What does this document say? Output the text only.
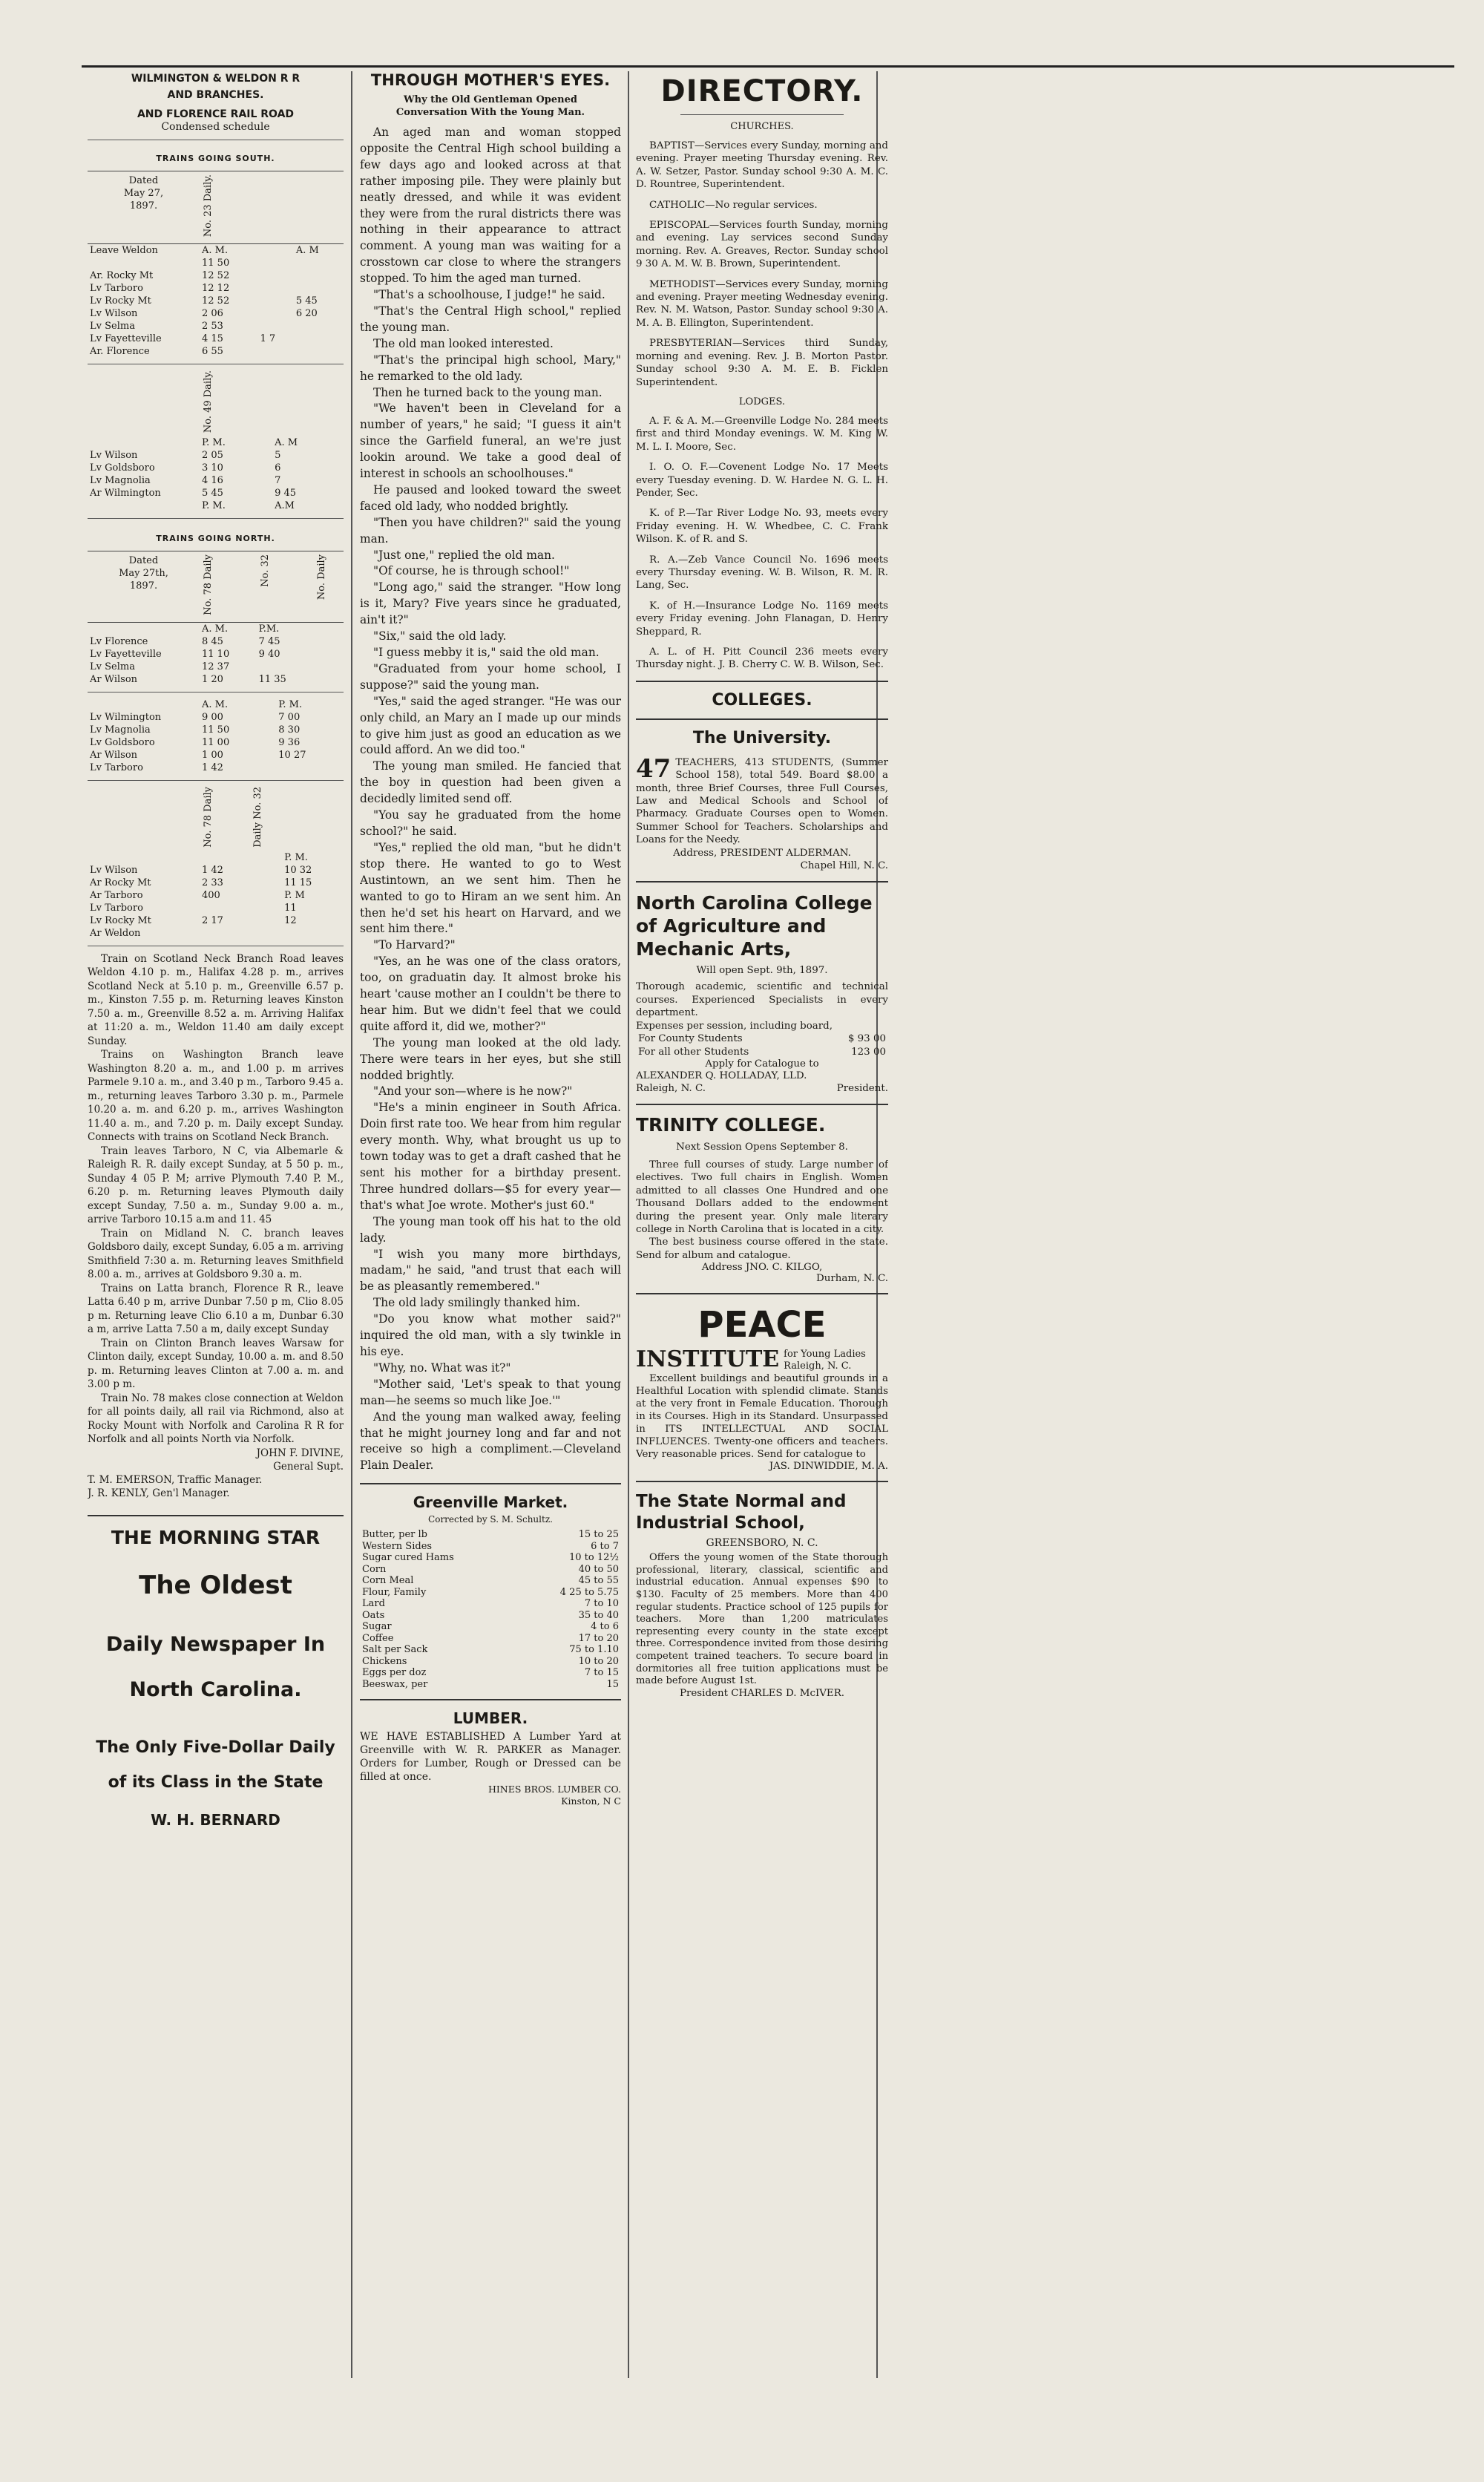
WILMINGTON & WELDON R R
AND BRANCHES.
AND FLORENCE RAIL ROAD
Condensed schedule
TRAINS GOING SOUTH.
Dated
May 27,
1897.	No. 23 Daily.		
Leave Weldon	A. M.		A. M
	11 50		
Ar. Rocky Mt	12 52		
Lv Tarboro	12 12		
Lv Rocky Mt	12 52		5 45
Lv Wilson	2 06		6 20
Lv Selma	2 53		
Lv Fayetteville	4 15	1 7	
Ar. Florence	6 55		
	No. 49 Daily.	
	P. M.	A. M
Lv Wilson	2 05	5
Lv Goldsboro	3 10	6
Lv Magnolia	4 16	7
Ar Wilmington	5 45	9 45
	P. M.	A.M
TRAINS GOING NORTH.
Dated
May 27th,
1897.	No. 78 Daily	No. 32	No. Daily
	A. M.	P.M.	
Lv Florence	8 45	7 45	
Lv Fayetteville	11 10	9 40	
Lv Selma	12 37		
Ar Wilson	1 20	11 35	
	A. M.		P. M.
Lv Wilmington	9 00		7 00
Lv Magnolia	11 50		8 30
Lv Goldsboro	11 00		9 36
Ar Wilson	1 00		10 27
Lv Tarboro	1 42		
	No. 78 Daily	Daily No. 32	
			P. M.
Lv Wilson	1 42		10 32
Ar Rocky Mt	2 33		11 15

Ar Tarboro	400		P. M
Lv Tarboro			11
Lv Rocky Mt	2 17		12
Ar Weldon			

Train on Scotland Neck Branch Road leaves Weldon 4.10 p. m., Halifax 4.28 p. m., arrives Scotland Neck at 5.10 p. m., Greenville 6.57 p. m., Kinston 7.55 p. m. Returning leaves Kinston 7.50 a. m., Greenville 8.52 a. m. Arriving Halifax at 11:20 a. m., Weldon 11.40 am daily except Sunday.

Trains on Washington Branch leave Washington 8.20 a. m., and 1.00 p. m arrives Parmele 9.10 a. m., and 3.40 p m., Tarboro 9.45 a. m., returning leaves Tarboro 3.30 p. m., Parmele 10.20 a. m. and 6.20 p. m., arrives Washington 11.40 a. m., and 7.20 p. m. Daily except Sunday. Connects with trains on Scotland Neck Branch.

Train leaves Tarboro, N C, via Albemarle & Raleigh R. R. daily except Sunday, at 5 50 p. m., Sunday 4 05 P. M; arrive Plymouth 7.40 P. M., 6.20 p. m. Returning leaves Plymouth daily except Sunday, 7.50 a. m., Sunday 9.00 a. m., arrive Tarboro 10.15 a.m and 11. 45

Train on Midland N. C. branch leaves Goldsboro daily, except Sunday, 6.05 a m. arriving Smithfield 7:30 a. m. Returning leaves Smithfield 8.00 a. m., arrives at Goldsboro 9.30 a. m.

Trains on Latta branch, Florence R R., leave Latta 6.40 p m, arrive Dunbar 7.50 p m, Clio 8.05 p m. Returning leave Clio 6.10 a m, Dunbar 6.30 a m, arrive Latta 7.50 a m, daily except Sunday

Train on Clinton Branch leaves Warsaw for Clinton daily, except Sunday, 10.00 a. m. and 8.50 p. m. Returning leaves Clinton at 7.00 a. m. and 3.00 p m.

Train No. 78 makes close connection at Weldon for all points daily, all rail via Richmond, also at Rocky Mount with Norfolk and Carolina R R for Norfolk and all points North via Norfolk.

JOHN F. DIVINE,
General Supt.
T. M. EMERSON, Traffic Manager.
J. R. KENLY, Gen'l Manager.
THE MORNING STAR
The Oldest
Daily Newspaper In
North Carolina.
The Only Five-Dollar Daily
of its Class in the State
W. H. BERNARD
THROUGH MOTHER'S EYES.
Why the Old Gentleman Opened Conversation With the Young Man.

An aged man and woman stopped opposite the Central High school building a few days ago and looked across at that rather imposing pile. They were plainly but neatly dressed, and while it was evident they were from the rural districts there was nothing in their appearance to attract comment. A young man was waiting for a crosstown car close to where the strangers stopped. To him the aged man turned.

"That's a schoolhouse, I judge!" he said.

"That's the Central High school," replied the young man.

The old man looked interested.

"That's the principal high school, Mary," he remarked to the old lady.

Then he turned back to the young man.

"We haven't been in Cleveland for a number of years," he said; "I guess it ain't since the Garfield funeral, an we're just lookin around. We take a good deal of interest in schools an schoolhouses."

He paused and looked toward the sweet faced old lady, who nodded brightly.

"Then you have children?" said the young man.

"Just one," replied the old man.

"Of course, he is through school!"

"Long ago," said the stranger. "How long is it, Mary? Five years since he graduated, ain't it?"

"Six," said the old lady.

"I guess mebby it is," said the old man.

"Graduated from your home school, I suppose?" said the young man.

"Yes," said the aged stranger. "He was our only child, an Mary an I made up our minds to give him just as good an education as we could afford. An we did too."

The young man smiled. He fancied that the boy in question had been given a decidedly limited send off.

"You say he graduated from the home school?" he said.

"Yes," replied the old man, "but he didn't stop there. He wanted to go to West Austintown, an we sent him. Then he wanted to go to Hiram an we sent him. An then he'd set his heart on Harvard, and we sent him there."

"To Harvard?"

"Yes, an he was one of the class orators, too, on graduatin day. It almost broke his heart 'cause mother an I couldn't be there to hear him. But we didn't feel that we could quite afford it, did we, mother?"

The young man looked at the old lady. There were tears in her eyes, but she still nodded brightly.

"And your son—where is he now?"

"He's a minin engineer in South Africa. Doin first rate too. We hear from him regular every month. Why, what brought us up to town today was to get a draft cashed that he sent his mother for a birthday present. Three hundred dollars—$5 for every year—that's what Joe wrote. Mother's just 60."

The young man took off his hat to the old lady.

"I wish you many more birthdays, madam," he said, "and trust that each will be as pleasantly remembered."

The old lady smilingly thanked him.

"Do you know what mother said?" inquired the old man, with a sly twinkle in his eye.

"Why, no. What was it?"

"Mother said, 'Let's speak to that young man—he seems so much like Joe.'"

And the young man walked away, feeling that he might journey long and far and not receive so high a compliment.—Cleveland Plain Dealer.

Greenville Market.
Corrected by S. M. Schultz.
Butter, per lb	15 to 25
Western Sides	6 to 7
Sugar cured Hams	10 to 12½
Corn	40 to 50
Corn Meal	45 to 55
Flour, Family	4 25 to 5.75
Lard	7 to 10
Oats	35 to 40
Sugar	4 to 6
Coffee	17 to 20
Salt per Sack	75 to 1.10
Chickens	10 to 20
Eggs per doz	7 to 15
Beeswax, per	15
LUMBER.
WE HAVE ESTABLISHED A Lumber Yard at Greenville with W. R. PARKER as Manager. Orders for Lumber, Rough or Dressed can be filled at once.
HINES BROS. LUMBER CO.
Kinston, N C
DIRECTORY.
CHURCHES.

BAPTIST—Services every Sunday, morning and evening. Prayer meeting Thursday evening. Rev. A. W. Setzer, Pastor. Sunday school 9:30 A. M. C. D. Rountree, Superintendent.

CATHOLIC—No regular services.

EPISCOPAL—Services fourth Sunday, morning and evening. Lay services second Sunday morning. Rev. A. Greaves, Rector. Sunday school 9 30 A. M. W. B. Brown, Superintendent.

METHODIST—Services every Sunday, morning and evening. Prayer meeting Wednesday evening. Rev. N. M. Watson, Pastor. Sunday school 9:30 A. M. A. B. Ellington, Superintendent.

PRESBYTERIAN—Services third Sunday, morning and evening. Rev. J. B. Morton Pastor. Sunday school 9:30 A. M. E. B. Ficklen Superintendent.

LODGES.

A. F. & A. M.—Greenville Lodge No. 284 meets first and third Monday evenings. W. M. King W. M. L. I. Moore, Sec.

I. O. O. F.—Covenent Lodge No. 17 Meets every Tuesday evening. D. W. Hardee N. G. L. H. Pender, Sec.

K. of P.—Tar River Lodge No. 93, meets every Friday evening. H. W. Whedbee, C. C. Frank Wilson. K. of R. and S.

R. A.—Zeb Vance Council No. 1696 meets every Thursday evening. W. B. Wilson, R. M. R. Lang, Sec.

K. of H.—Insurance Lodge No. 1169 meets every Friday evening. John Flanagan, D. Henry Sheppard, R.

A. L. of H. Pitt Council 236 meets every Thursday night. J. B. Cherry C. W. B. Wilson, Sec.

COLLEGES.
The University.
47 TEACHERS, 413 STUDENTS, (Summer School 158), total 549. Board $8.00 a month, three Brief Courses, three Full Courses, Law and Medical Schools and School of Pharmacy. Graduate Courses open to Women. Summer School for Teachers. Scholarships and Loans for the Needy.
Address, PRESIDENT ALDERMAN.
Chapel Hill, N. C.
North Carolina College of Agriculture and Mechanic Arts,
Will open Sept. 9th, 1897.
Thorough academic, scientific and technical courses. Experienced Specialists in every department.
Expenses per session, including board,
For County Students	$ 93 00
For all other Students	123 00
Apply for Catalogue to
ALEXANDER Q. HOLLADAY, LLD.
Raleigh, N. C.	President.
TRINITY COLLEGE.
Next Session Opens September 8.
Three full courses of study. Large number of electives. Two full chairs in English. Women admitted to all classes One Hundred and one Thousand Dollars added to the endowment during the present year. Only male literary college in North Carolina that is located in a city.
The best business course offered in the state. Send for album and catalogue.
Address JNO. C. KILGO,
Durham, N. C.
PEACE
INSTITUTE for Young Ladies
Raleigh, N. C.
Excellent buildings and beautiful grounds in a Healthful Location with splendid climate. Stands at the very front in Female Education. Thorough in its Courses. High in its Standard. Unsurpassed in ITS INTELLECTUAL AND SOCIAL INFLUENCES. Twenty-one officers and teachers. Very reasonable prices. Send for catalogue to
JAS. DINWIDDIE, M. A.
The State Normal and Industrial School,
GREENSBORO, N. C.
Offers the young women of the State thorough professional, literary, classical, scientific and industrial education. Annual expenses $90 to $130. Faculty of 25 members. More than 400 regular students. Practice school of 125 pupils for teachers. More than 1,200 matriculates representing every county in the state except three. Correspondence invited from those desiring competent trained teachers. To secure board in dormitories all free tuition applications must be made before August 1st.
President CHARLES D. McIVER.
